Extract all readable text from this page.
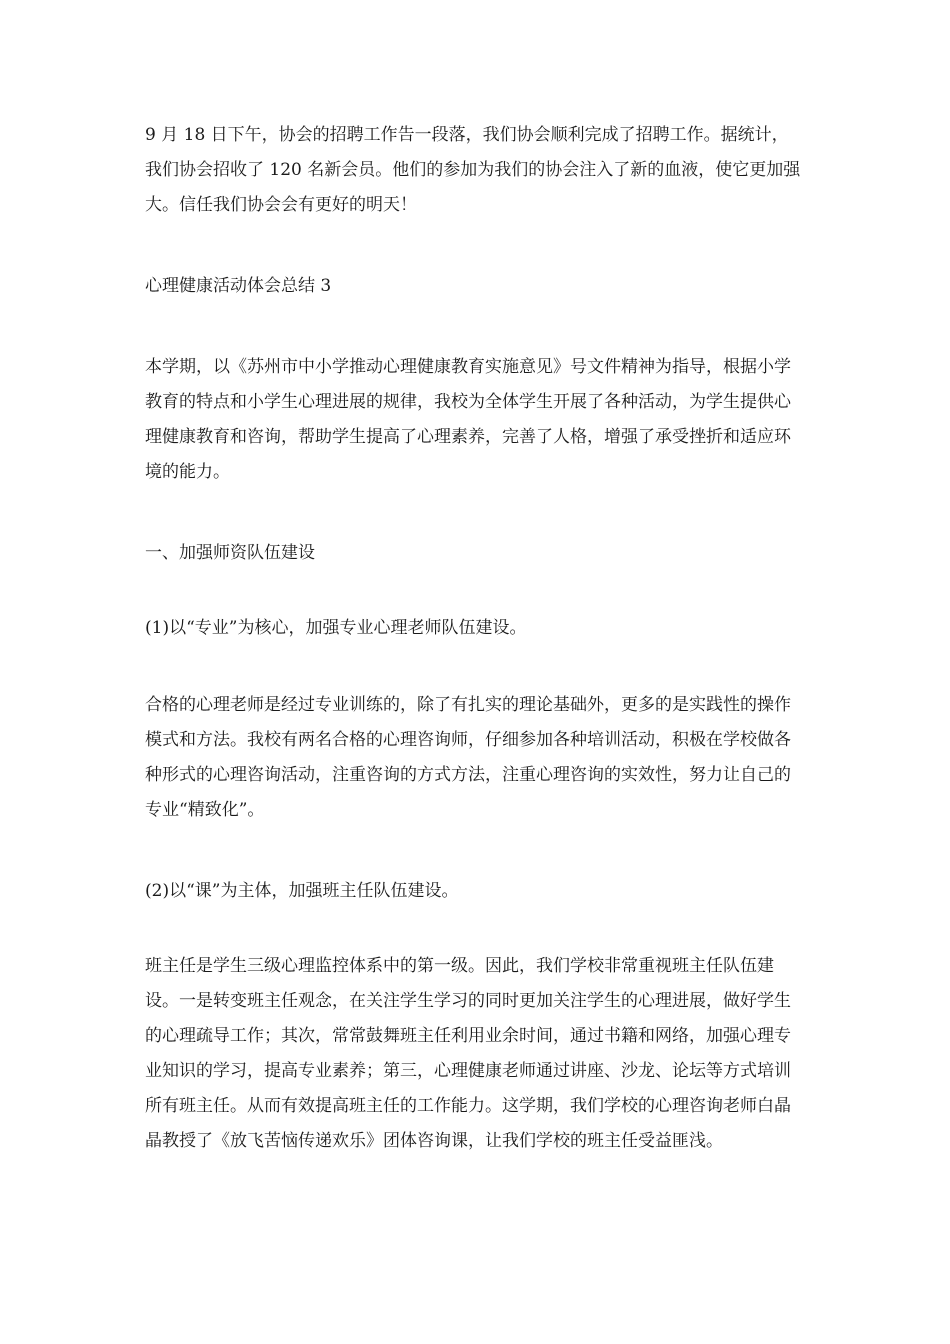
9 月 18 日下午，协会的招聘工作告一段落，我们协会顺利完成了招聘工作。据统计，我们协会招收了 120 名新会员。他们的参加为我们的协会注入了新的血液，使它更加强大。信任我们协会会有更好的明天！

心理健康活动体会总结 3

本学期，以《苏州市中小学推动心理健康教育实施意见》号文件精神为指导，根据小学教育的特点和小学生心理进展的规律，我校为全体学生开展了各种活动，为学生提供心理健康教育和咨询，帮助学生提高了心理素养，完善了人格，增强了承受挫折和适应环境的能力。

一、加强师资队伍建设

(1)以“专业”为核心，加强专业心理老师队伍建设。

合格的心理老师是经过专业训练的，除了有扎实的理论基础外，更多的是实践性的操作模式和方法。我校有两名合格的心理咨询师，仔细参加各种培训活动，积极在学校做各种形式的心理咨询活动，注重咨询的方式方法，注重心理咨询的实效性，努力让自己的专业“精致化”。

(2)以“课”为主体，加强班主任队伍建设。

班主任是学生三级心理监控体系中的第一级。因此，我们学校非常重视班主任队伍建设。一是转变班主任观念，在关注学生学习的同时更加关注学生的心理进展，做好学生的心理疏导工作；其次，常常鼓舞班主任利用业余时间，通过书籍和网络，加强心理专业知识的学习，提高专业素养；第三，心理健康老师通过讲座、沙龙、论坛等方式培训所有班主任。从而有效提高班主任的工作能力。这学期，我们学校的心理咨询老师白晶晶教授了《放飞苦恼传递欢乐》团体咨询课，让我们学校的班主任受益匪浅。
